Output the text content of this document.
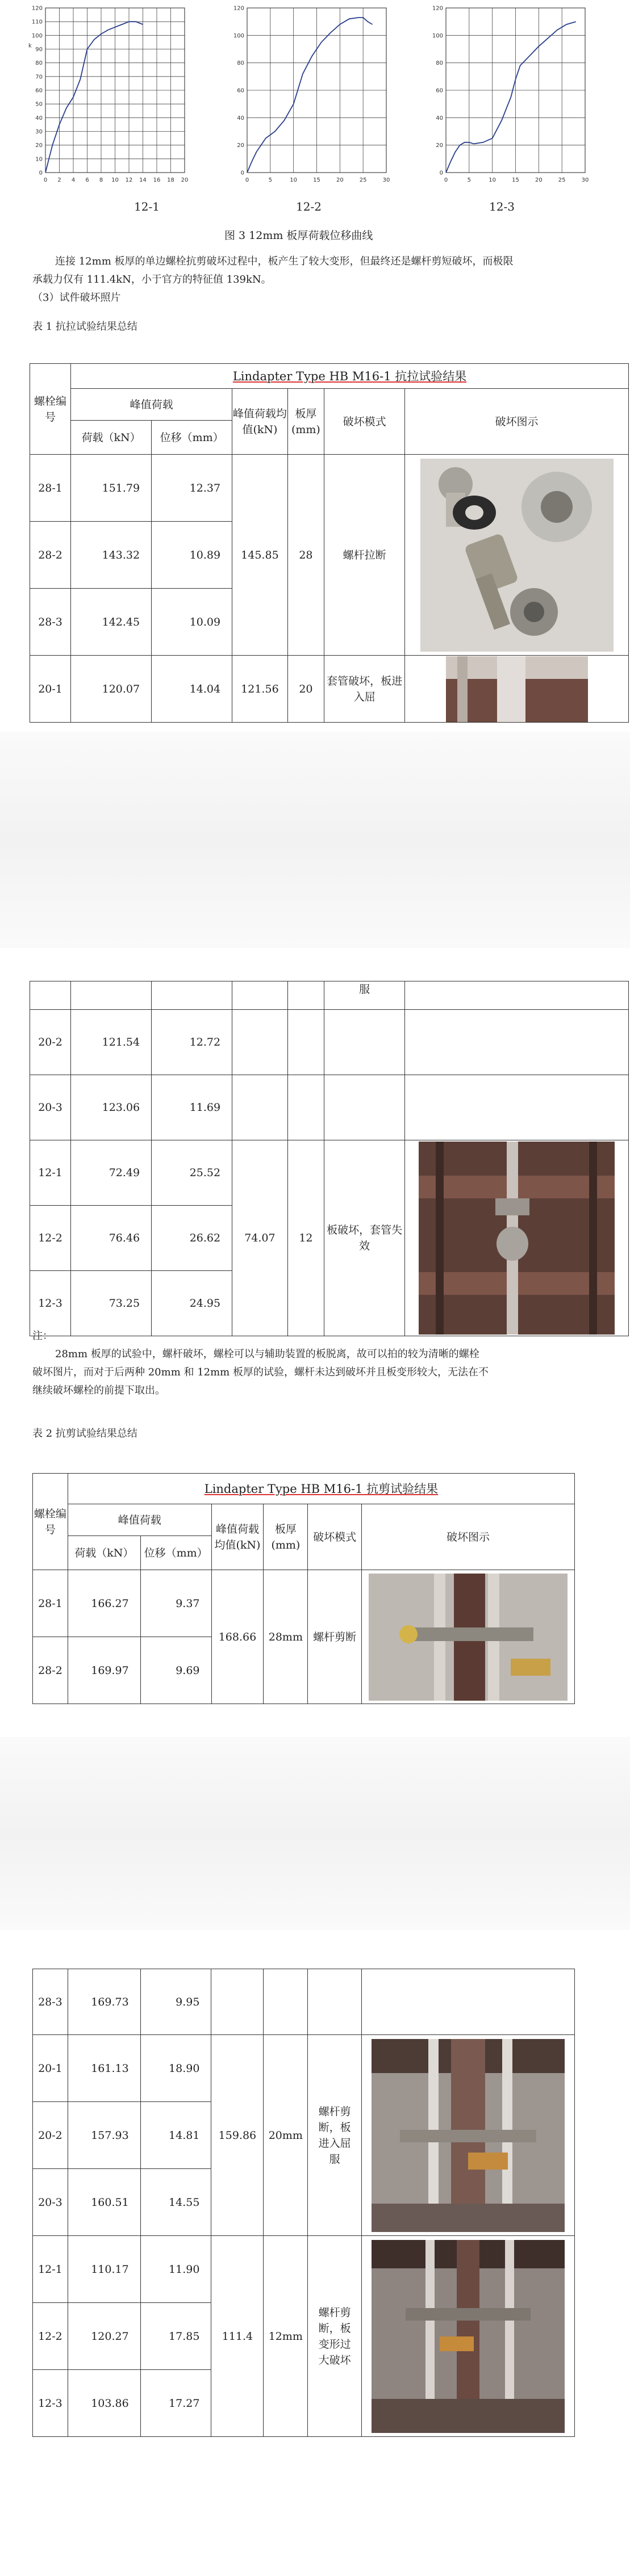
0 2 4 6 8 10 12 14 16 18 20
0
10
20
30
40
50
60
70
80
90
100
110
120
k
12-1
0	5	10	15	20	25	30
0
20
40
60
80
100
120
12-2
0	5	10	15	20	25	30
0
20
40
60
80
100
120
12-3
图 3 12mm 板厚荷载位移曲线
连接 12mm 板厚的单边螺栓抗剪破坏过程中，板产生了较大变形，但最终还是螺杆剪短破坏，而极限
承载力仅有 111.4kN，小于官方的特征值 139kN。
（3）试件破坏照片
表 1 抗拉试验结果总结
螺栓编号	Lindapter Type HB M16-1 抗拉试验结果					
	峰值荷载		峰值荷载均值(kN)	板厚(mm)	破坏模式	破坏图示
	荷载（kN）	位移（mm）				
28-1	151.79	12.37	145.85	28	螺杆拉断	

28-2	143.32	10.89				
28-3	142.45	10.09				
20-1	120.07	14.04	121.56	20	套管破坏，板进入屈	
					服	
20-2	121.54	12.72				
20-3	123.06	11.69				
12-1	72.49	25.52	74.07	12	板破坏，套管失效	

12-2	76.46	26.62				
12-3	73.25	24.95				
注：
28mm 板厚的试验中，螺杆破坏，螺栓可以与辅助装置的板脱离，故可以拍的较为清晰的螺栓
破坏图片，而对于后两种 20mm 和 12mm 板厚的试验，螺杆未达到破坏并且板变形较大，无法在不
继续破坏螺栓的前提下取出。
表 2 抗剪试验结果总结
螺栓编号	Lindapter Type HB M16-1 抗剪试验结果					
	峰值荷载		峰值荷载均值(kN)	板厚(mm)	破坏模式	破坏图示
	荷载（kN）	位移（mm）				
28-1	166.27	9.37	168.66	28mm	螺杆剪断	

28-2	169.97	9.69				
28-3	169.73	9.95				
20-1	161.13	18.90	159.86	20mm	螺杆剪断，板进入屈服	

20-2	157.93	14.81				
20-3	160.51	14.55				
12-1	110.17	11.90	111.4	12mm	螺杆剪断，板变形过大破坏	

12-2	120.27	17.85				
12-3	103.86	17.27				
